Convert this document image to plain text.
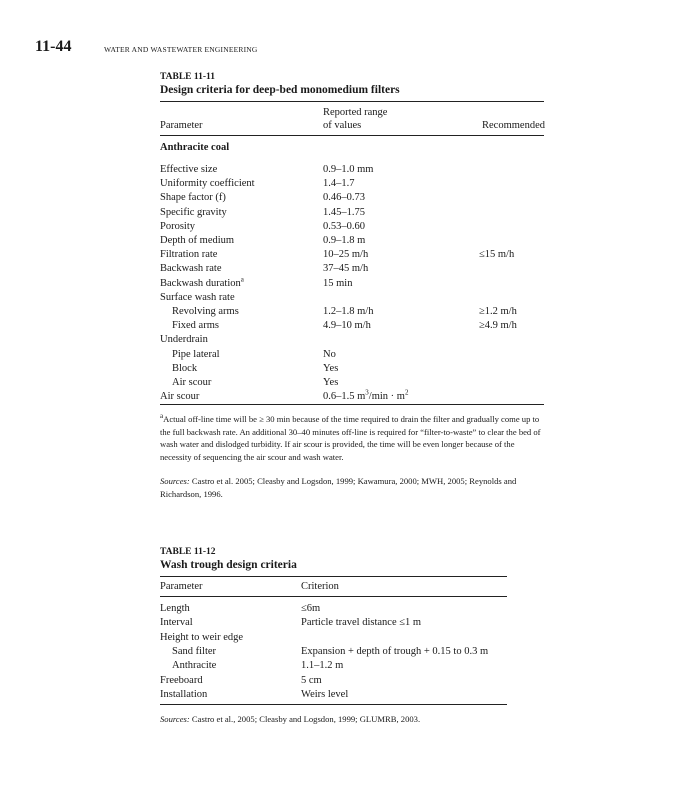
11-44	WATER AND WASTEWATER ENGINEERING
TABLE 11-11
Design criteria for deep-bed monomedium filters
Reported range
Parameter	of values	Recommended
Anthracite coal
Effective size	0.9–1.0 mm
Uniformity coefficient	1.4–1.7
Shape factor (f)	0.46–0.73
Specific gravity	1.45–1.75
Porosity	0.53–0.60
Depth of medium	0.9–1.8 m
Filtration rate	10–25 m/h	≤15 m/h
Backwash rate	37–45 m/h
Backwash duration$^a$	15 min
Surface wash rate
Revolving arms	1.2–1.8 m/h	≥1.2 m/h
Fixed arms	4.9–10 m/h	≥4.9 m/h
Underdrain
Pipe lateral	No
Block	Yes
Air scour	Yes
Air scour	0.6–1.5 $m^3/\min \cdot m^2$
$^a$Actual off-line time will be ≥ 30 min because of the time required to drain the filter and gradually come up to the full backwash rate. An additional 30–40 minutes off-line is required for “filter-to-waste” to clear the bed of wash water and dislodged turbidity. If air scour is provided, the time will be even longer because of the necessity of sequencing the air scour and wash water.
Sources: Castro et al. 2005; Cleasby and Logsdon, 1999; Kawamura, 2000; MWH, 2005; Reynolds and Richardson, 1996.
TABLE 11-12
Wash trough design criteria
Parameter	Criterion
Length	≤6m
Interval	Particle travel distance ≤1 m
Height to weir edge
Sand filter	Expansion + depth of trough + 0.15 to 0.3 m
Anthracite	1.1–1.2 m
Freeboard	5 cm
Installation	Weirs level
Sources: Castro et al., 2005; Cleasby and Logsdon, 1999; GLUMRB, 2003.
